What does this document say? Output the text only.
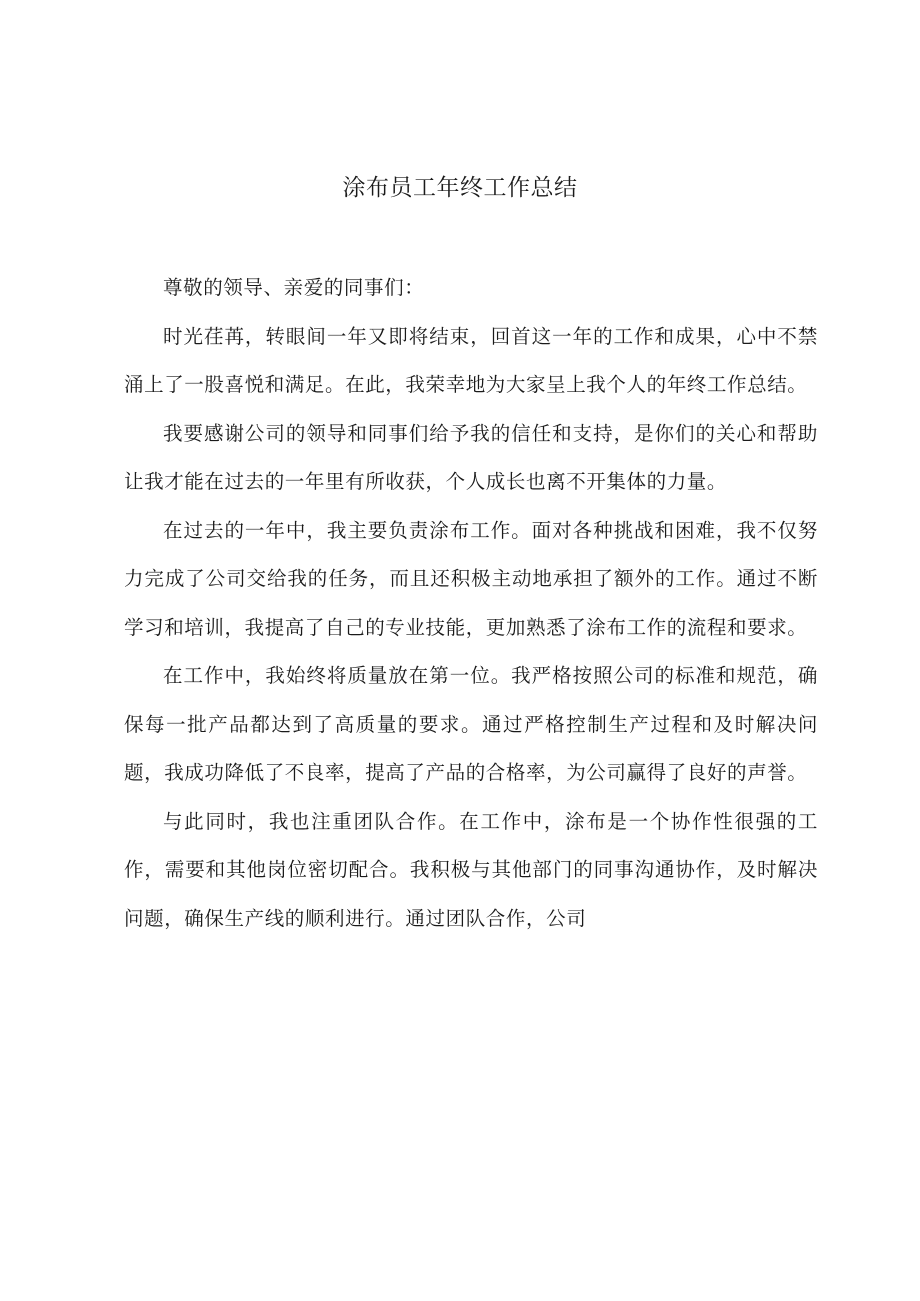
涂布员工年终工作总结

尊敬的领导、亲爱的同事们：

时光荏苒，转眼间一年又即将结束，回首这一年的工作和成果，心中不禁涌上了一股喜悦和满足。在此，我荣幸地为大家呈上我个人的年终工作总结。

我要感谢公司的领导和同事们给予我的信任和支持，是你们的关心和帮助让我才能在过去的一年里有所收获，个人成长也离不开集体的力量。

在过去的一年中，我主要负责涂布工作。面对各种挑战和困难，我不仅努力完成了公司交给我的任务，而且还积极主动地承担了额外的工作。通过不断学习和培训，我提高了自己的专业技能，更加熟悉了涂布工作的流程和要求。

在工作中，我始终将质量放在第一位。我严格按照公司的标准和规范，确保每一批产品都达到了高质量的要求。通过严格控制生产过程和及时解决问题，我成功降低了不良率，提高了产品的合格率，为公司赢得了良好的声誉。

与此同时，我也注重团队合作。在工作中，涂布是一个协作性很强的工作，需要和其他岗位密切配合。我积极与其他部门的同事沟通协作，及时解决问题，确保生产线的顺利进行。通过团队合作，公司
